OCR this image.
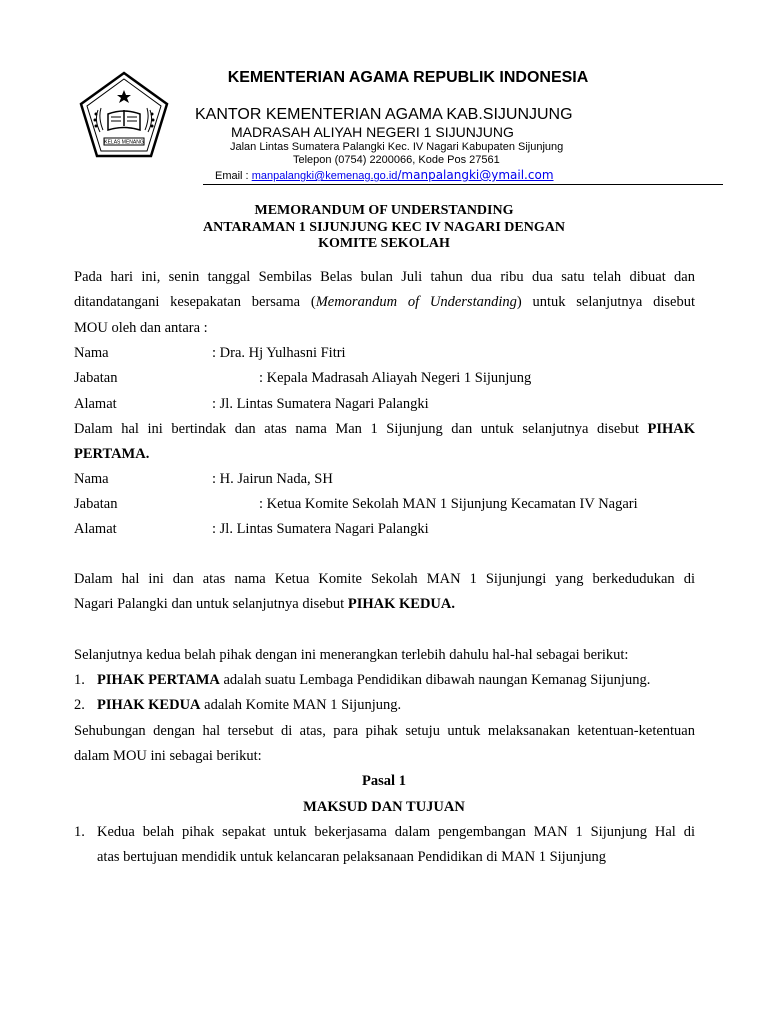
KELAS MENANG
KEMENTERIAN AGAMA REPUBLIK INDONESIA
KANTOR KEMENTERIAN AGAMA KAB.SIJUNJUNG
MADRASAH ALIYAH NEGERI 1 SIJUNJUNG
Jalan Lintas Sumatera Palangki Kec. IV Nagari Kabupaten Sijunjung
Telepon (0754) 2200066, Kode Pos 27561
Email : manpalangki@kemenag.go.id/manpalangki@ymail.com
MEMORANDUM OF UNDERSTANDING
ANTARAMAN 1 SIJUNJUNG KEC IV NAGARI DENGAN
KOMITE SEKOLAH
Pada hari ini, senin tanggal Sembilas Belas bulan Juli tahun dua ribu dua satu telah dibuat dan
ditandatangani kesepakatan bersama (Memorandum of Understanding) untuk selanjutnya disebut
MOU oleh dan antara :
Nama	: Dra. Hj Yulhasni Fitri
Jabatan	: Kepala Madrasah Aliayah Negeri 1 Sijunjung
Alamat	: Jl. Lintas Sumatera Nagari Palangki
Dalam hal ini bertindak dan atas nama Man 1 Sijunjung dan untuk selanjutnya disebut PIHAK
PERTAMA.
Nama	: H. Jairun Nada, SH
Jabatan	: Ketua Komite Sekolah MAN 1 Sijunjung Kecamatan IV Nagari
Alamat	: Jl. Lintas Sumatera Nagari Palangki
Dalam hal ini dan atas nama Ketua Komite Sekolah MAN 1 Sijunjungi yang berkedudukan di
Nagari Palangki dan untuk selanjutnya disebut PIHAK KEDUA.
Selanjutnya kedua belah pihak dengan ini menerangkan terlebih dahulu hal-hal sebagai berikut:
1. PIHAK PERTAMA adalah suatu Lembaga Pendidikan dibawah naungan Kemanag Sijunjung.
2. PIHAK KEDUA adalah Komite MAN 1 Sijunjung.
Sehubungan dengan hal tersebut di atas, para pihak setuju untuk melaksanakan ketentuan-ketentuan
dalam MOU ini sebagai berikut:
Pasal 1
MAKSUD DAN TUJUAN
1. Kedua belah pihak sepakat untuk bekerjasama dalam pengembangan MAN 1 Sijunjung Hal di
atas bertujuan mendidik untuk kelancaran pelaksanaan Pendidikan di MAN 1 Sijunjung
